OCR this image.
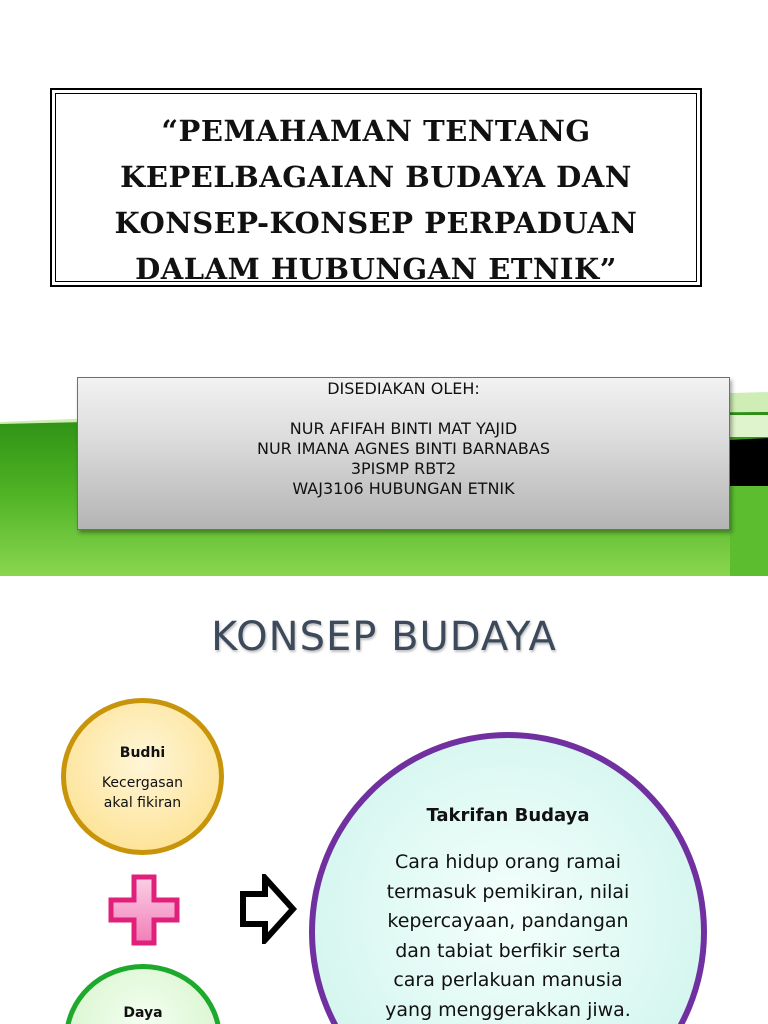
“PEMAHAMAN TENTANG
KEPELBAGAIAN BUDAYA DAN
KONSEP-KONSEP PERPADUAN
DALAM HUBUNGAN ETNIK”
DISEDIAKAN OLEH:
NUR AFIFAH BINTI MAT YAJID
NUR IMANA AGNES BINTI BARNABAS
3PISMP RBT2
WAJ3106 HUBUNGAN ETNIK
KONSEP BUDAYA
Budhi
Kecergasan
akal fikiran
Daya
Takrifan Budaya
Cara hidup orang ramai
termasuk pemikiran, nilai
kepercayaan, pandangan
dan tabiat berfikir serta
cara perlakuan manusia
yang menggerakkan jiwa.
